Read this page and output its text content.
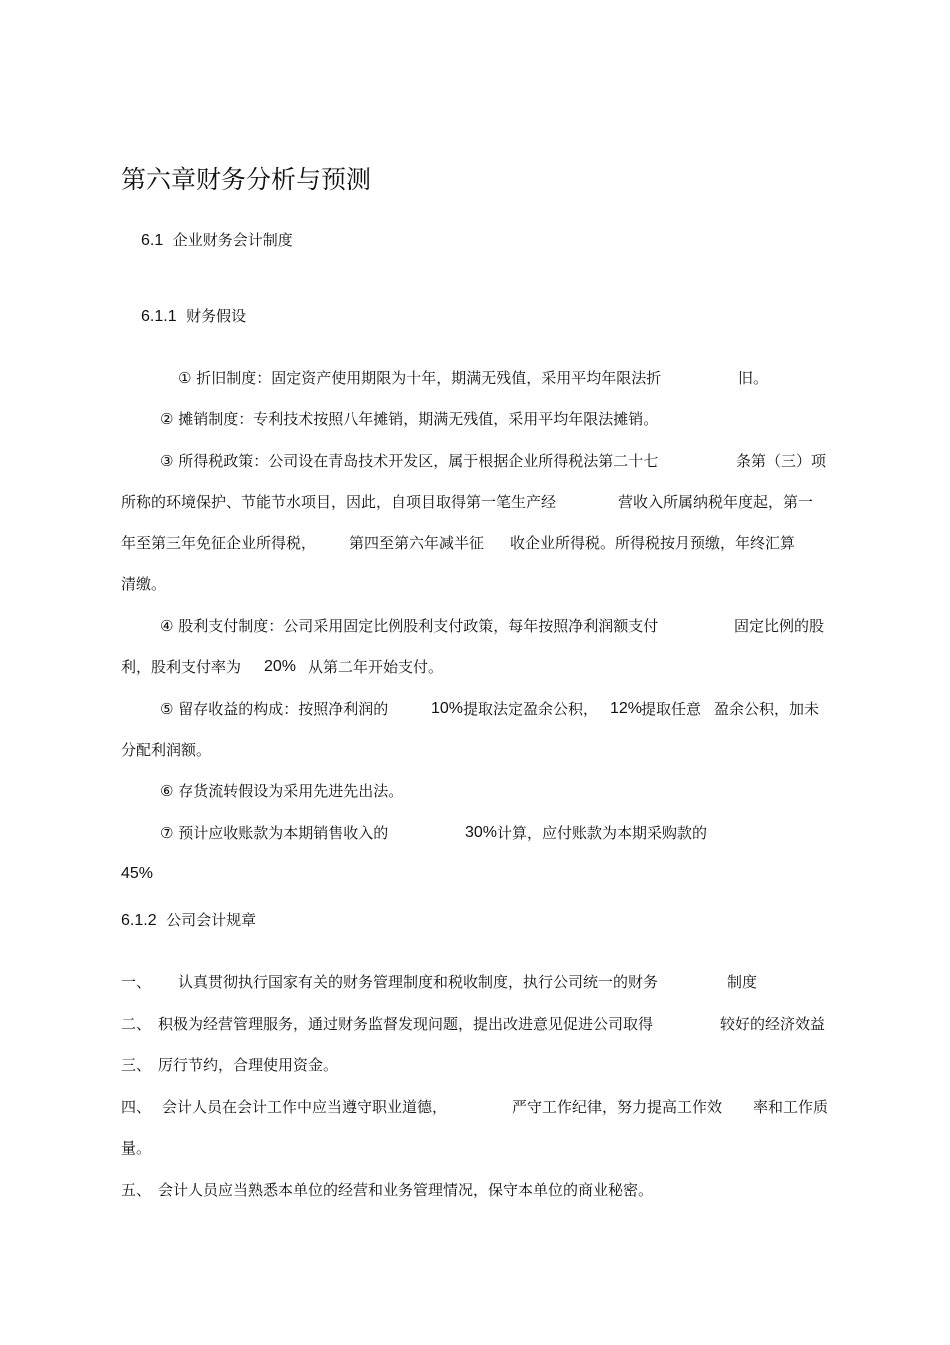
第六章财务分析与预测
6.1 企业财务会计制度
6.1.1 财务假设
① 折旧制度：固定资产使用期限为十年，期满无残值，采用平均年限法折	旧。
② 摊销制度：专利技术按照八年摊销，期满无残值，采用平均年限法摊销。
③ 所得税政策：公司设在青岛技术开发区，属于根据企业所得税法第二十七	条第（三）项
所称的环境保护、节能节水项目，因此，自项目取得第一笔生产经	营收入所属纳税年度起，第一
年至第三年免征企业所得税， 第四至第六年减半征 收企业所得税。所得税按月预缴，年终汇算
清缴。
④ 股利支付制度：公司采用固定比例股利支付政策，每年按照净利润额支付	固定比例的股
利，股利支付率为 20% 从第二年开始支付。
⑤ 留存收益的构成：按照净利润的	10% 提取法定盈余公积， 12%
提取任意 盈余公积，加未
分配利润额。
⑥ 存货流转假设为采用先进先出法。
⑦ 预计应收账款为本期销售收入的	30% 计算，应付账款为本期采购款的
45%
6.1.2 公司会计规章
一、 认真贯彻执行国家有关的财务管理制度和税收制度，执行公司统一的财务	制度
二、 积极为经营管理服务，通过财务监督发现问题，提出改进意见促进公司取得	较好的经济效益
三、 厉行节约，合理使用资金。
四、 会计人员在会计工作中应当遵守职业道德，	严守工作纪律，努力提高工作效 率和工作质
量。
五、 会计人员应当熟悉本单位的经营和业务管理情况，保守本单位的商业秘密。
